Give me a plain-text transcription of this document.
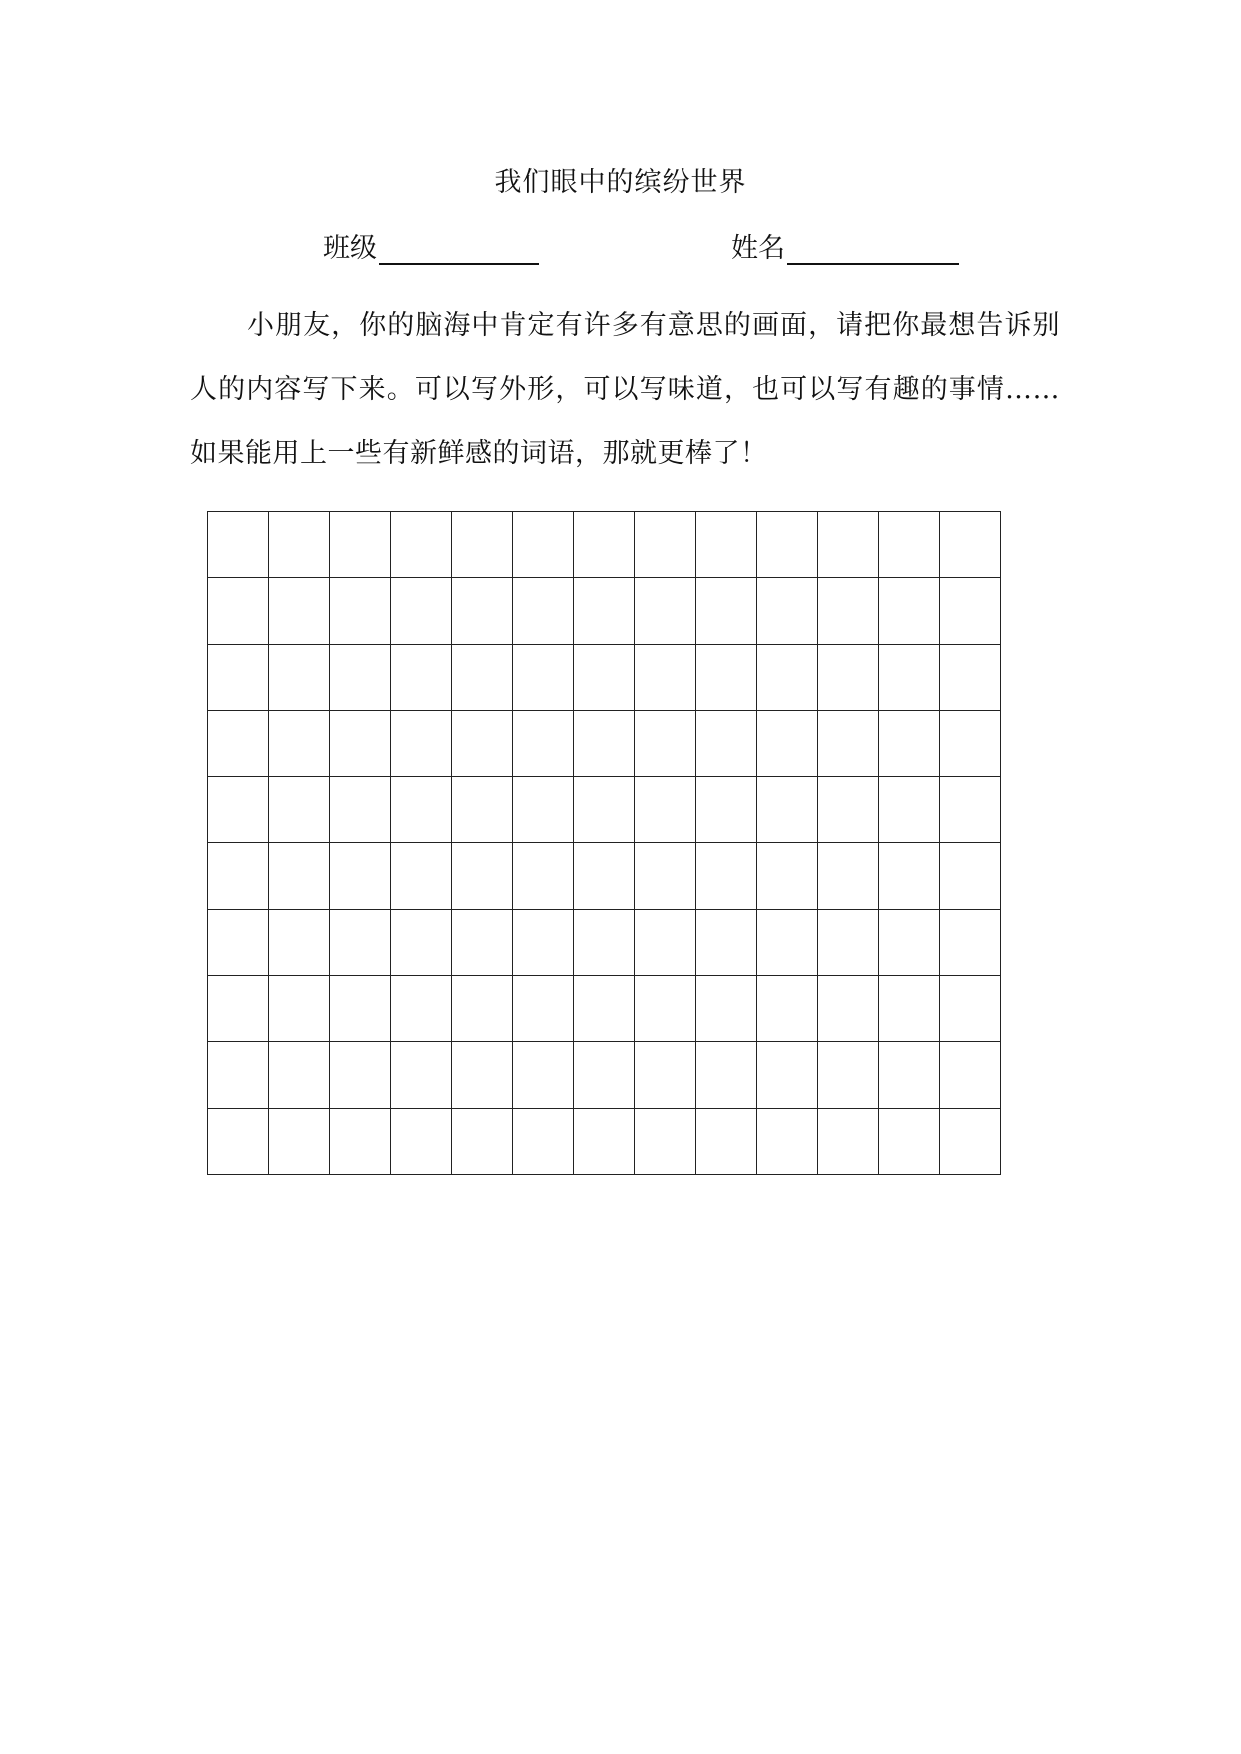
我们眼中的缤纷世界
班级	姓名

小朋友，你的脑海中肯定有许多有意思的画面，请把你最想告诉别人的内容写下来。可以写外形，可以写味道，也可以写有趣的事情……如果能用上一些有新鲜感的词语，那就更棒了！
